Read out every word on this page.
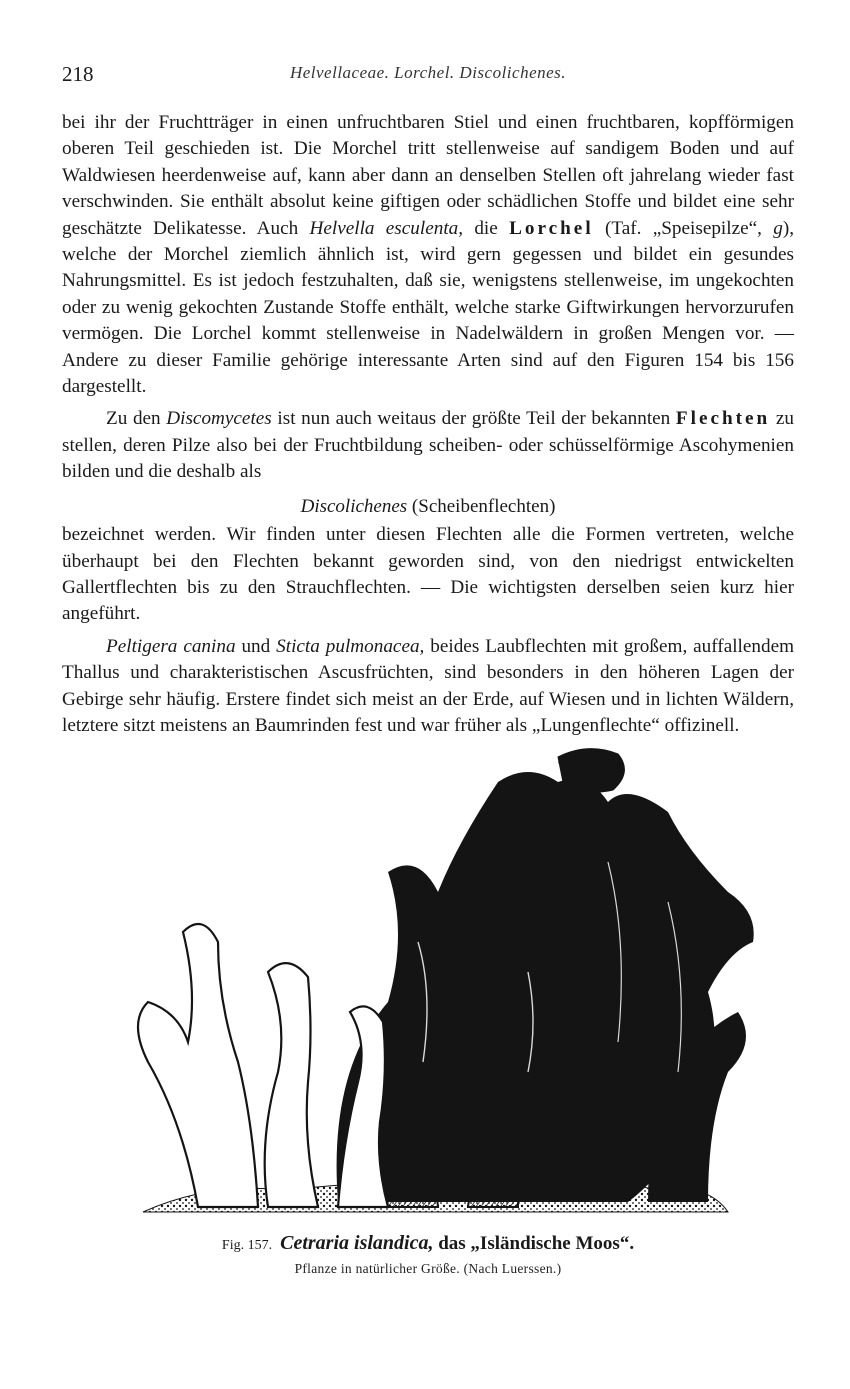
218	Helvellaceae. Lorchel. Discolichenes.

bei ihr der Fruchtträger in einen unfruchtbaren Stiel und einen fruchtbaren, kopfförmigen oberen Teil geschieden ist. Die Morchel tritt stellenweise auf sandigem Boden und auf Waldwiesen heerdenweise auf, kann aber dann an denselben Stellen oft jahrelang wieder fast verschwinden. Sie enthält absolut keine giftigen oder schädlichen Stoffe und bildet eine sehr geschätzte Delikatesse. Auch Helvella esculenta, die Lorchel (Taf. „Speisepilze“, g), welche der Morchel ziemlich ähnlich ist, wird gern gegessen und bildet ein gesundes Nahrungsmittel. Es ist jedoch festzuhalten, daß sie, wenigstens stellenweise, im ungekochten oder zu wenig gekochten Zustande Stoffe enthält, welche starke Giftwirkungen hervorzurufen vermögen. Die Lorchel kommt stellenweise in Nadelwäldern in großen Mengen vor. — Andere zu dieser Familie gehörige interessante Arten sind auf den Figuren 154 bis 156 dargestellt.

Zu den Discomycetes ist nun auch weitaus der größte Teil der bekannten Flechten zu stellen, deren Pilze also bei der Fruchtbildung scheiben- oder schüsselförmige Ascohymenien bilden und die deshalb als

Discolichenes (Scheibenflechten)

bezeichnet werden. Wir finden unter diesen Flechten alle die Formen vertreten, welche überhaupt bei den Flechten bekannt geworden sind, von den niedrigst entwickelten Gallertflechten bis zu den Strauchflechten. — Die wichtigsten derselben seien kurz hier angeführt.

Peltigera canina und Sticta pulmonacea, beides Laubflechten mit großem, auffallendem Thallus und charakteristischen Ascusfrüchten, sind besonders in den höheren Lagen der Gebirge sehr häufig. Erstere findet sich meist an der Erde, auf Wiesen und in lichten Wäldern, letztere sitzt meistens an Baumrinden fest und war früher als „Lungenflechte“ offizinell.

Fig. 157. Cetraria islandica, das „Isländische Moos“.
Pflanze in natürlicher Größe. (Nach Luerssen.)
